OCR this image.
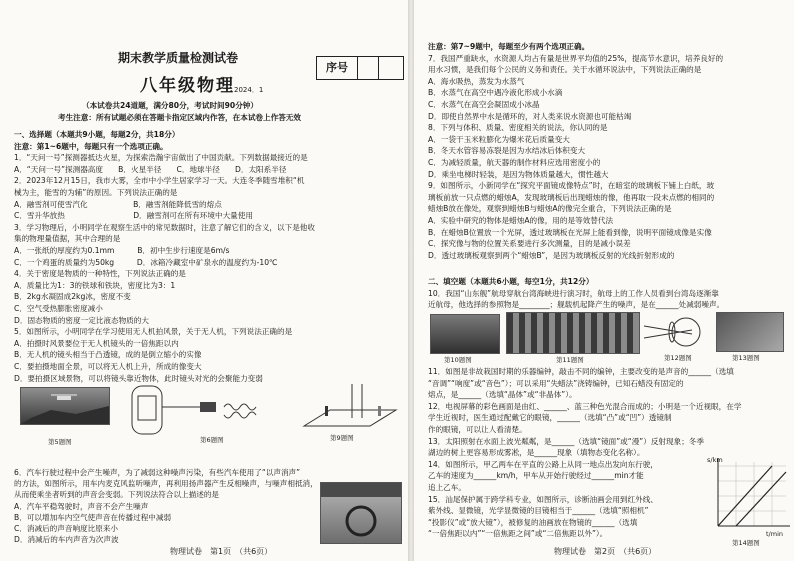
期末教学质量检测试卷
序号
八年级物理 2024．1
（本试卷共24道题，满分80分，考试时间90分钟）
考生注意：所有试题必须在答题卡指定区域内作答，在本试卷上作答无效
一、选择题（本题共9小题，每题2分，共18分）
注意：第1~6题中，每题只有一个选项正确。
1．“天问一号”探测器抵达火星，为探索浩瀚宇宙做出了中国贡献。下列数据最接近的是
A．“天问一号”探测器高度　　B．火星半径　　C．地球半径　　D．太阳系半径
2．2023年12月15日，我市大雾，全市中小学生居家学习一天。大连冬季随雪堆积“机
械为主，能雪的为辅”的原因。下列说法正确的是
A．融雪剂可使雪汽化　　　　　　B．融雪剂能降低雪的熔点
C．雪升华放热　　　　　　　　　D．融雪剂可在所有环境中大量使用
3．学习物理后，小明同学在观察生活中的常见数据时，注意了解它们的含义，以下是他收
集的物理量值据，其中合理的是
A．一张纸的厚度约为0.1mm　　　B．初中生步行速度是6m/s
C．一个鸡蛋的质量约为50kg　　　D．冰箱冷藏室中矿泉水的温度约为-10℃
4．关于密度是物质的一种特性，下列说法正确的是
A．质量比为1：3的铁球和铁块，密度比为3：1
B．2kg水凝固成2kg冰，密度不变
C．空气受热膨胀密度减小
D．固态物质的密度一定比液态物质的大
5．如图所示，小明同学在学习使用无人机拍风景，关于无人机，下列说法正确的是
A．拍摄时风景要位于无人机镜头的一倍焦距以内
B．无人机的镜头相当于凸透镜，成的是倒立缩小的实像
C．要拍摄地面全景，可以将无人机上升，所成的像变大
D．要拍摄区域景物，可以将镜头靠近物体，此时镜头对光的会聚能力变弱
第5题图	第6题图	第9题图
6．汽车行驶过程中会产生噪声，为了减弱这种噪声污染，有些汽车使用了“以声消声”
的方法，如图所示，用车内麦克风监听噪声，再利用扬声器产生反相噪声，与噪声相抵消，
从而使乘坐者听到的声音会变弱。下列说法符合以上描述的是
A．汽车平稳驾驶时，声音不会产生噪声
B．可以增加车内空气使声音在传播过程中减弱
C．消减后的声音响度比原来小
D．消减后的车内声音为次声波
物理试卷　第1页　（共6页）
注意：第7~9题中，每题至少有两个选项正确。
7．我国严重缺水，水资源人均占有量是世界平均值的25%，提高节水意识，培养良好的
用水习惯，是我们每个公民的义务和责任。关于水循环说法中，下列说法正确的是
A．海水吸热，蒸发为水蒸气
B．水蒸气在高空中遇冷液化形成小水滴
C．水蒸气在高空会凝固成小冰晶
D．即使自然界中水是循环的，对人类来说水资源也可能枯竭
8．下列与体积、质量、密度相关的说法，你认同的是
A．一袋干玉米粒膨化为爆米花后质量变大
B．冬天水管容易冻裂是因为水结冰后体积变大
C．为减轻质量，航天器的制作材料应选用密度小的
D．乘坐电梯时轻装，是因为物体质量越大，惯性越大
9．如图所示，小新同学在“探究平面镜成像特点”时，在暗室的玻璃板下铺上白纸，玻
璃板前放一只点燃的蜡烛A，发现玻璃板后出现蜡烛的像，他再取一段未点燃的相同的
蜡烛B放在像处，观察到蜡烛B与蜡烛A的像完全重合，下列说法正确的是
A．实验中研究的物体是蜡烛A的像，用的是等效替代法
B．在蜡烛B位置放一个光屏，透过玻璃板在光屏上能看到像，说明平面镜成像是实像
C．探究像与物的位置关系要进行多次测量，目的是减小误差
D．透过玻璃板观察到两个“蜡烛B”，是因为玻璃板反射的光线折射形成的
二、填空题（本题共6小题，每空1分，共12分）
10．我国“山东舰”航母穿航台湾海峡进行演习时，航母上的工作人员看到台湾岛逐渐靠
近航母，他选择的参照物是________；舰载机起降产生的噪声，是在______处减弱噪声。
第10题图	第11题图	第12题图	第13题图
s/km
t/min
第14题图
物理试卷　第2页　（共6页）
11．如图是非故栽国时期的乐器编钟，敲击不同的编钟，主要改变的是声音的______（选填
“音调”“响度”或“音色”）；可以采用“失蜡法”浇铸编钟，已知石蜡没有固定的
熔点，是______（选填“晶体”或“非晶体”）。
12．电视屏幕的彩色画面是由红、______、蓝三种色光混合而成的；小明是一个近视眼，在学
学生近视时，医生通过配戴它的眼镜，______（选填“凸”或“凹”）透镜制
作的眼镜，可以让人看清楚。
13．太阳照射在水面上波光粼粼，是______（选填“镜面”或“漫”）反射现象；冬季
湖边的树上更容易形成雾凇，是______现象（填物态变化名称）。
14．如图所示，甲乙两车在平直的公路上从同一地点出发向东行驶，
乙车的速度为______km/h，甲车从开始行驶经过______min才能
追上乙车。
15．汕尾保护属于跨学科专业，如图所示，诊断油画会用到红外线、
紫外线、显微镜，光学显微镜的目镜相当于______（选填“照相机”
“投影仪”或“放大镜”），被修复的油画放在物镜的______（选填
“一倍焦距以内”“一倍焦距之间”或“二倍焦距以外”）。
